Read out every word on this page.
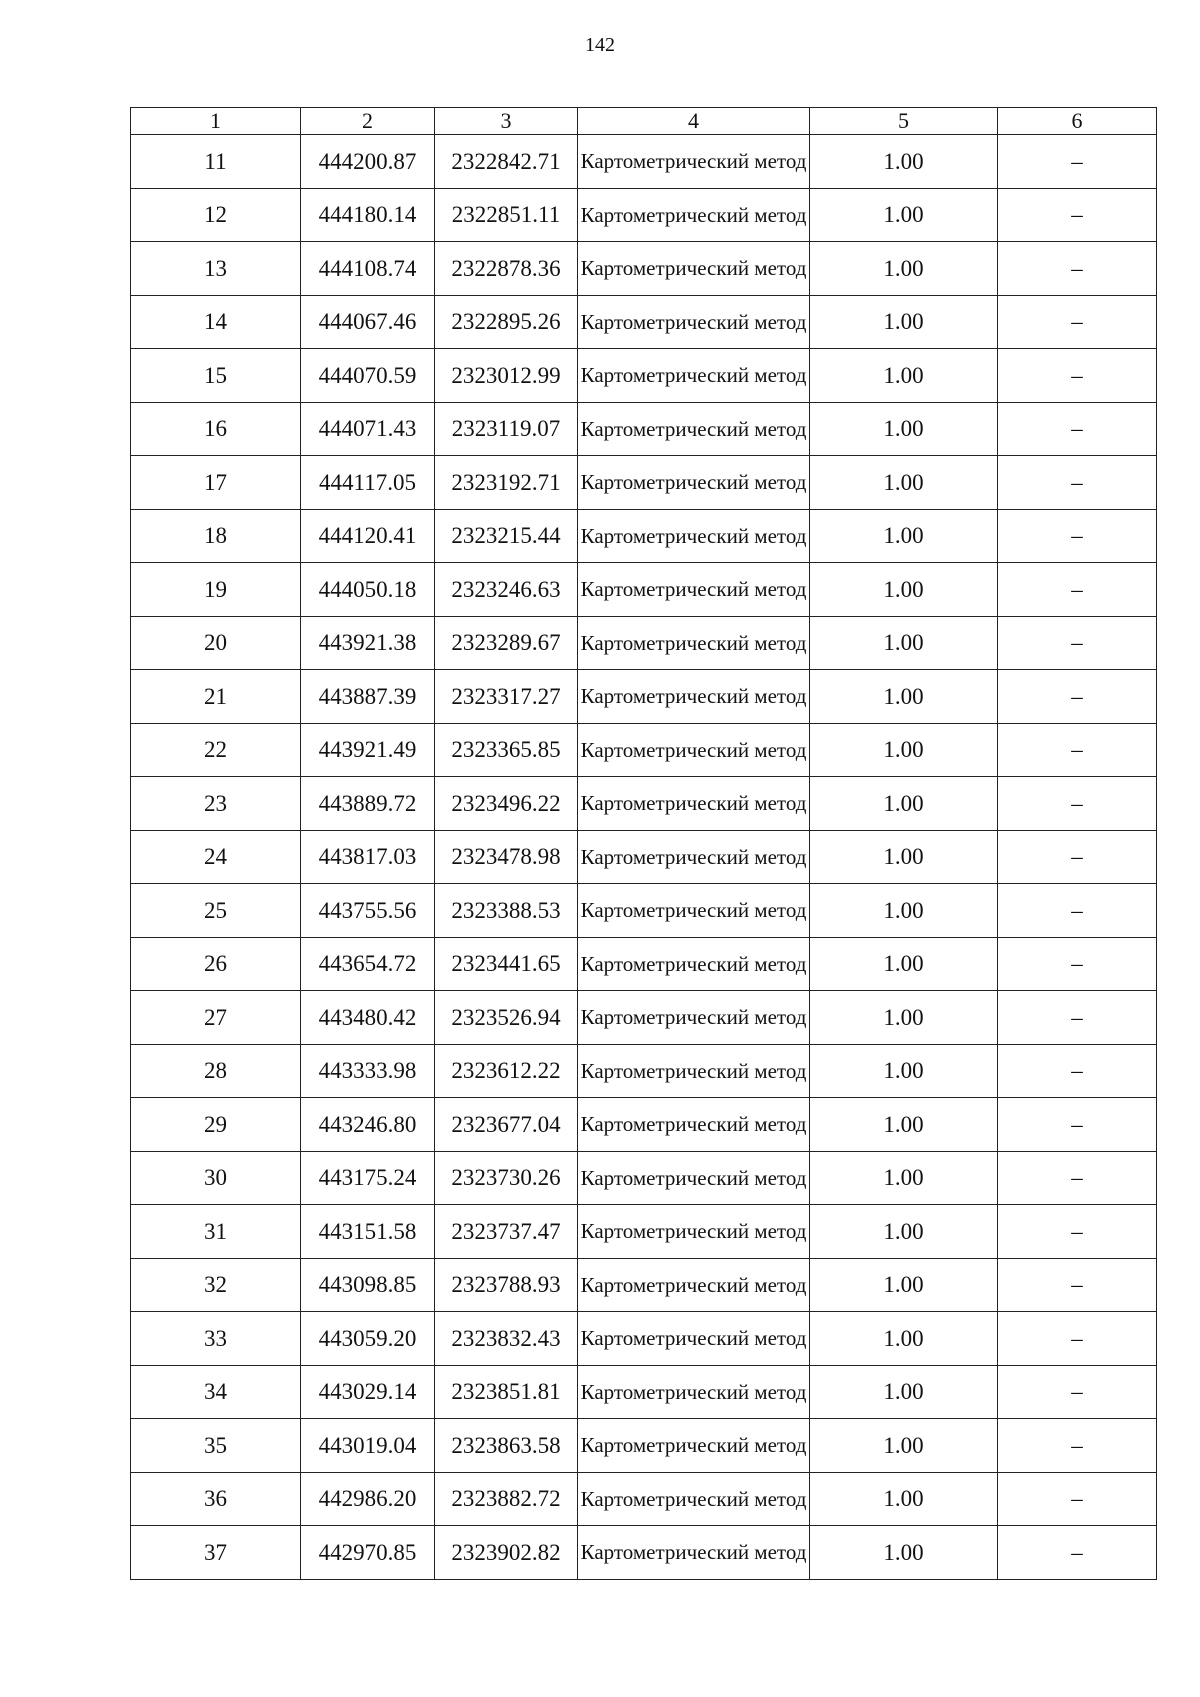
142
1	2	3	4	5	6
11	444200.87	2322842.71	Картометрический метод	1.00	–
12	444180.14	2322851.11	Картометрический метод	1.00	–
13	444108.74	2322878.36	Картометрический метод	1.00	–
14	444067.46	2322895.26	Картометрический метод	1.00	–
15	444070.59	2323012.99	Картометрический метод	1.00	–
16	444071.43	2323119.07	Картометрический метод	1.00	–
17	444117.05	2323192.71	Картометрический метод	1.00	–
18	444120.41	2323215.44	Картометрический метод	1.00	–
19	444050.18	2323246.63	Картометрический метод	1.00	–
20	443921.38	2323289.67	Картометрический метод	1.00	–
21	443887.39	2323317.27	Картометрический метод	1.00	–
22	443921.49	2323365.85	Картометрический метод	1.00	–
23	443889.72	2323496.22	Картометрический метод	1.00	–
24	443817.03	2323478.98	Картометрический метод	1.00	–
25	443755.56	2323388.53	Картометрический метод	1.00	–
26	443654.72	2323441.65	Картометрический метод	1.00	–
27	443480.42	2323526.94	Картометрический метод	1.00	–
28	443333.98	2323612.22	Картометрический метод	1.00	–
29	443246.80	2323677.04	Картометрический метод	1.00	–
30	443175.24	2323730.26	Картометрический метод	1.00	–
31	443151.58	2323737.47	Картометрический метод	1.00	–
32	443098.85	2323788.93	Картометрический метод	1.00	–
33	443059.20	2323832.43	Картометрический метод	1.00	–
34	443029.14	2323851.81	Картометрический метод	1.00	–
35	443019.04	2323863.58	Картометрический метод	1.00	–
36	442986.20	2323882.72	Картометрический метод	1.00	–
37	442970.85	2323902.82	Картометрический метод	1.00	–
